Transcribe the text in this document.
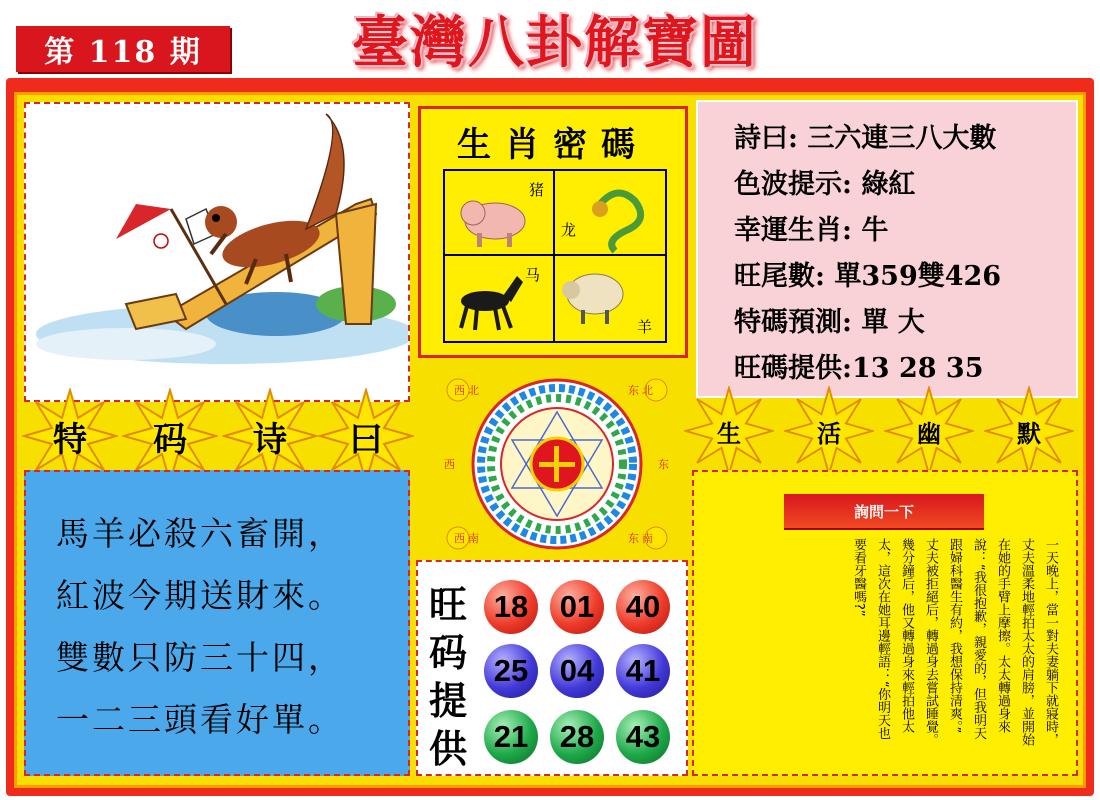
第 118 期	臺灣八卦解寶圖
生肖密碼
猪
龙
马
羊
詩曰: 三六連三八大數
色波提示: 綠紅
幸運生肖: 牛
旺尾數: 單359雙426
特碼預測: 單 大
旺碼提供:13 28 35
特	码	诗	曰	生	活	幽	默
西 北	东 北
西	东
西 南	东 南
馬羊必殺六畜開，
紅波今期送財來。
雙數只防三十四，
一二三頭看好單。
旺
码
提
供
18	01	40
25	04	41
21	28	43
詢問一下
一天晚上，當一對夫妻躺下就寢時，
丈夫溫柔地輕拍太太的肩膀，並開始
在她的手臂上摩擦。太太轉過身來
說：“我很抱歉，親愛的，但我明天
跟婦科醫生有約，我想保持清爽。”
丈夫被拒絕后，轉過身去嘗試睡覺。
幾分鐘后，他又轉過身來輕拍他太
太，這次在她耳邊輕語：“你明天也
要看牙醫嗎?”
